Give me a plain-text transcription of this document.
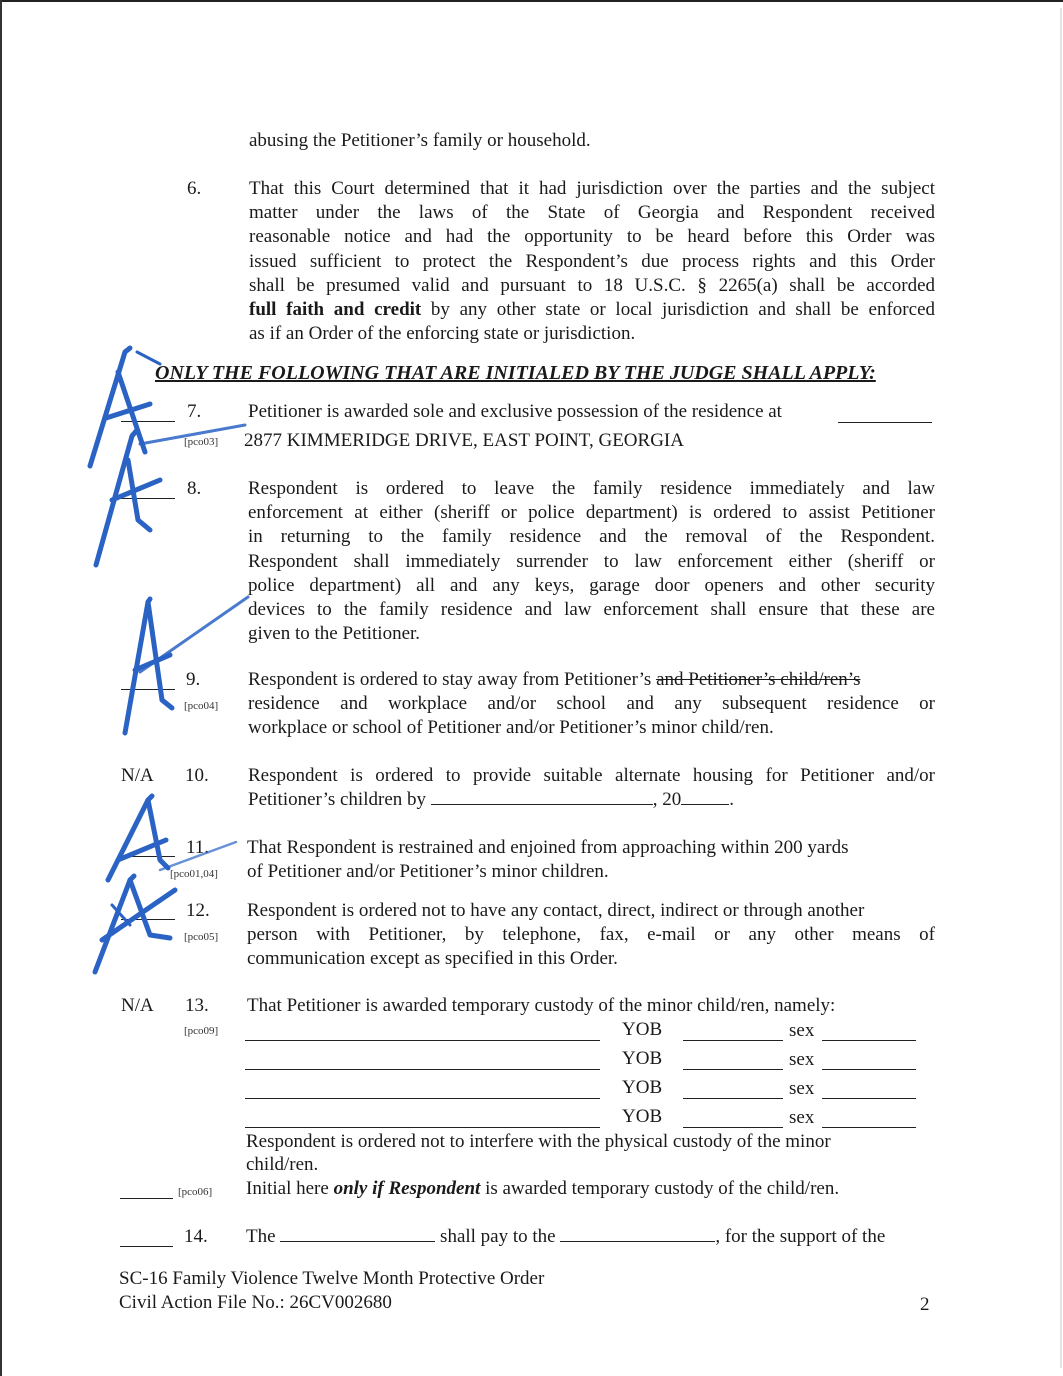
abusing the Petitioner’s family or household.
6.	That this Court determined that it had jurisdiction over the parties and the subject
matter under the laws of the State of Georgia and Respondent received
reasonable notice and had the opportunity to be heard before this Order was
issued sufficient to protect the Respondent’s due process rights and this Order
shall be presumed valid and pursuant to 18 U.S.C. § 2265(a) shall be accorded
full faith and credit by any other state or local jurisdiction and shall be enforced
as if an Order of the enforcing state or jurisdiction.
ONLY THE FOLLOWING THAT ARE INITIALED BY THE JUDGE SHALL APPLY:
7. Petitioner is awarded sole and exclusive possession of the residence at
[pco03] 2877 KIMMERIDGE DRIVE, EAST POINT, GEORGIA
8. Respondent is ordered to leave the family residence immediately and law
enforcement at either (sheriff or police department) is ordered to assist Petitioner
in returning to the family residence and the removal of the Respondent.
Respondent shall immediately surrender to law enforcement either (sheriff or
police department) all and any keys, garage door openers and other security
devices to the family residence and law enforcement shall ensure that these are
given to the Petitioner.
9.
[pco04]
Respondent is ordered to stay away from Petitioner’s and Petitioner’s child/ren’s
residence and workplace and/or school and any subsequent residence or
workplace or school of Petitioner and/or Petitioner’s minor child/ren.
N/A 10. Respondent is ordered to provide suitable alternate housing for Petitioner and/or
Petitioner’s children by	, 20	.
11.
[pco01,04]
That Respondent is restrained and enjoined from approaching within 200 yards
of Petitioner and/or Petitioner’s minor children.
12.
[pco05]
Respondent is ordered not to have any contact, direct, indirect or through another
person with Petitioner, by telephone, fax, e-mail or any other means of
communication except as specified in this Order.
N/A 13.
[pco09]
That Petitioner is awarded temporary custody of the minor child/ren, namely:
YOB	sex
YOB	sex
YOB	sex
YOB	sex
Respondent is ordered not to interfere with the physical custody of the minor
child/ren.
[pco06] Initial here only if Respondent is awarded temporary custody of the child/ren.
14. The	shall pay to the	, for the support of the
SC-16 Family Violence Twelve Month Protective Order
Civil Action File No.: 26CV002680	2
